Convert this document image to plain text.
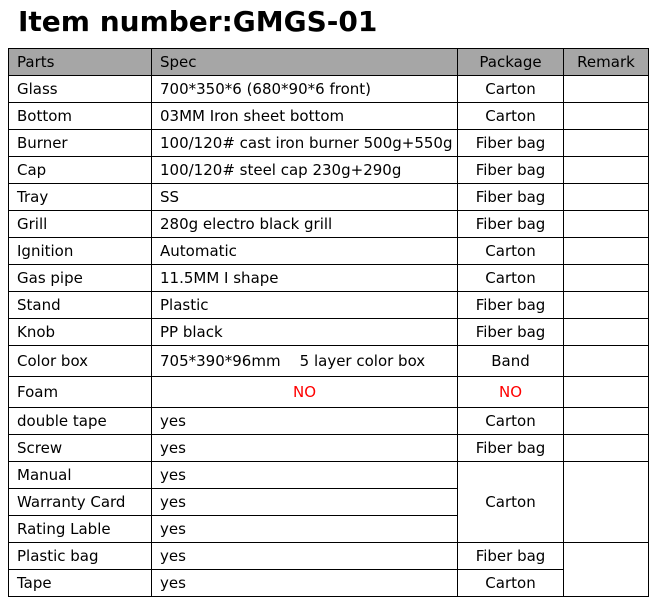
Item number:GMGS-01
Parts	Spec	Package	Remark
Glass	700*350*6 (680*90*6 front)	Carton	
Bottom	03MM Iron sheet bottom	Carton	
Burner	100/120# cast iron burner 500g+550g	Fiber bag	
Cap	100/120# steel cap 230g+290g	Fiber bag	
Tray	SS	Fiber bag	
Grill	280g electro black grill	Fiber bag	
Ignition	Automatic	Carton	
Gas pipe	11.5MM I shape	Carton	
Stand	Plastic	Fiber bag	
Knob	PP black	Fiber bag	
Color box	705*390*96mm    5 layer color box	Band	
Foam	NO	NO	
double tape	yes	Carton	
Screw	yes	Fiber bag	
Manual	yes	Carton	
Warranty Card	yes		
Rating Lable	yes		
Plastic bag	yes	Fiber bag	
Tape	yes	Carton	
